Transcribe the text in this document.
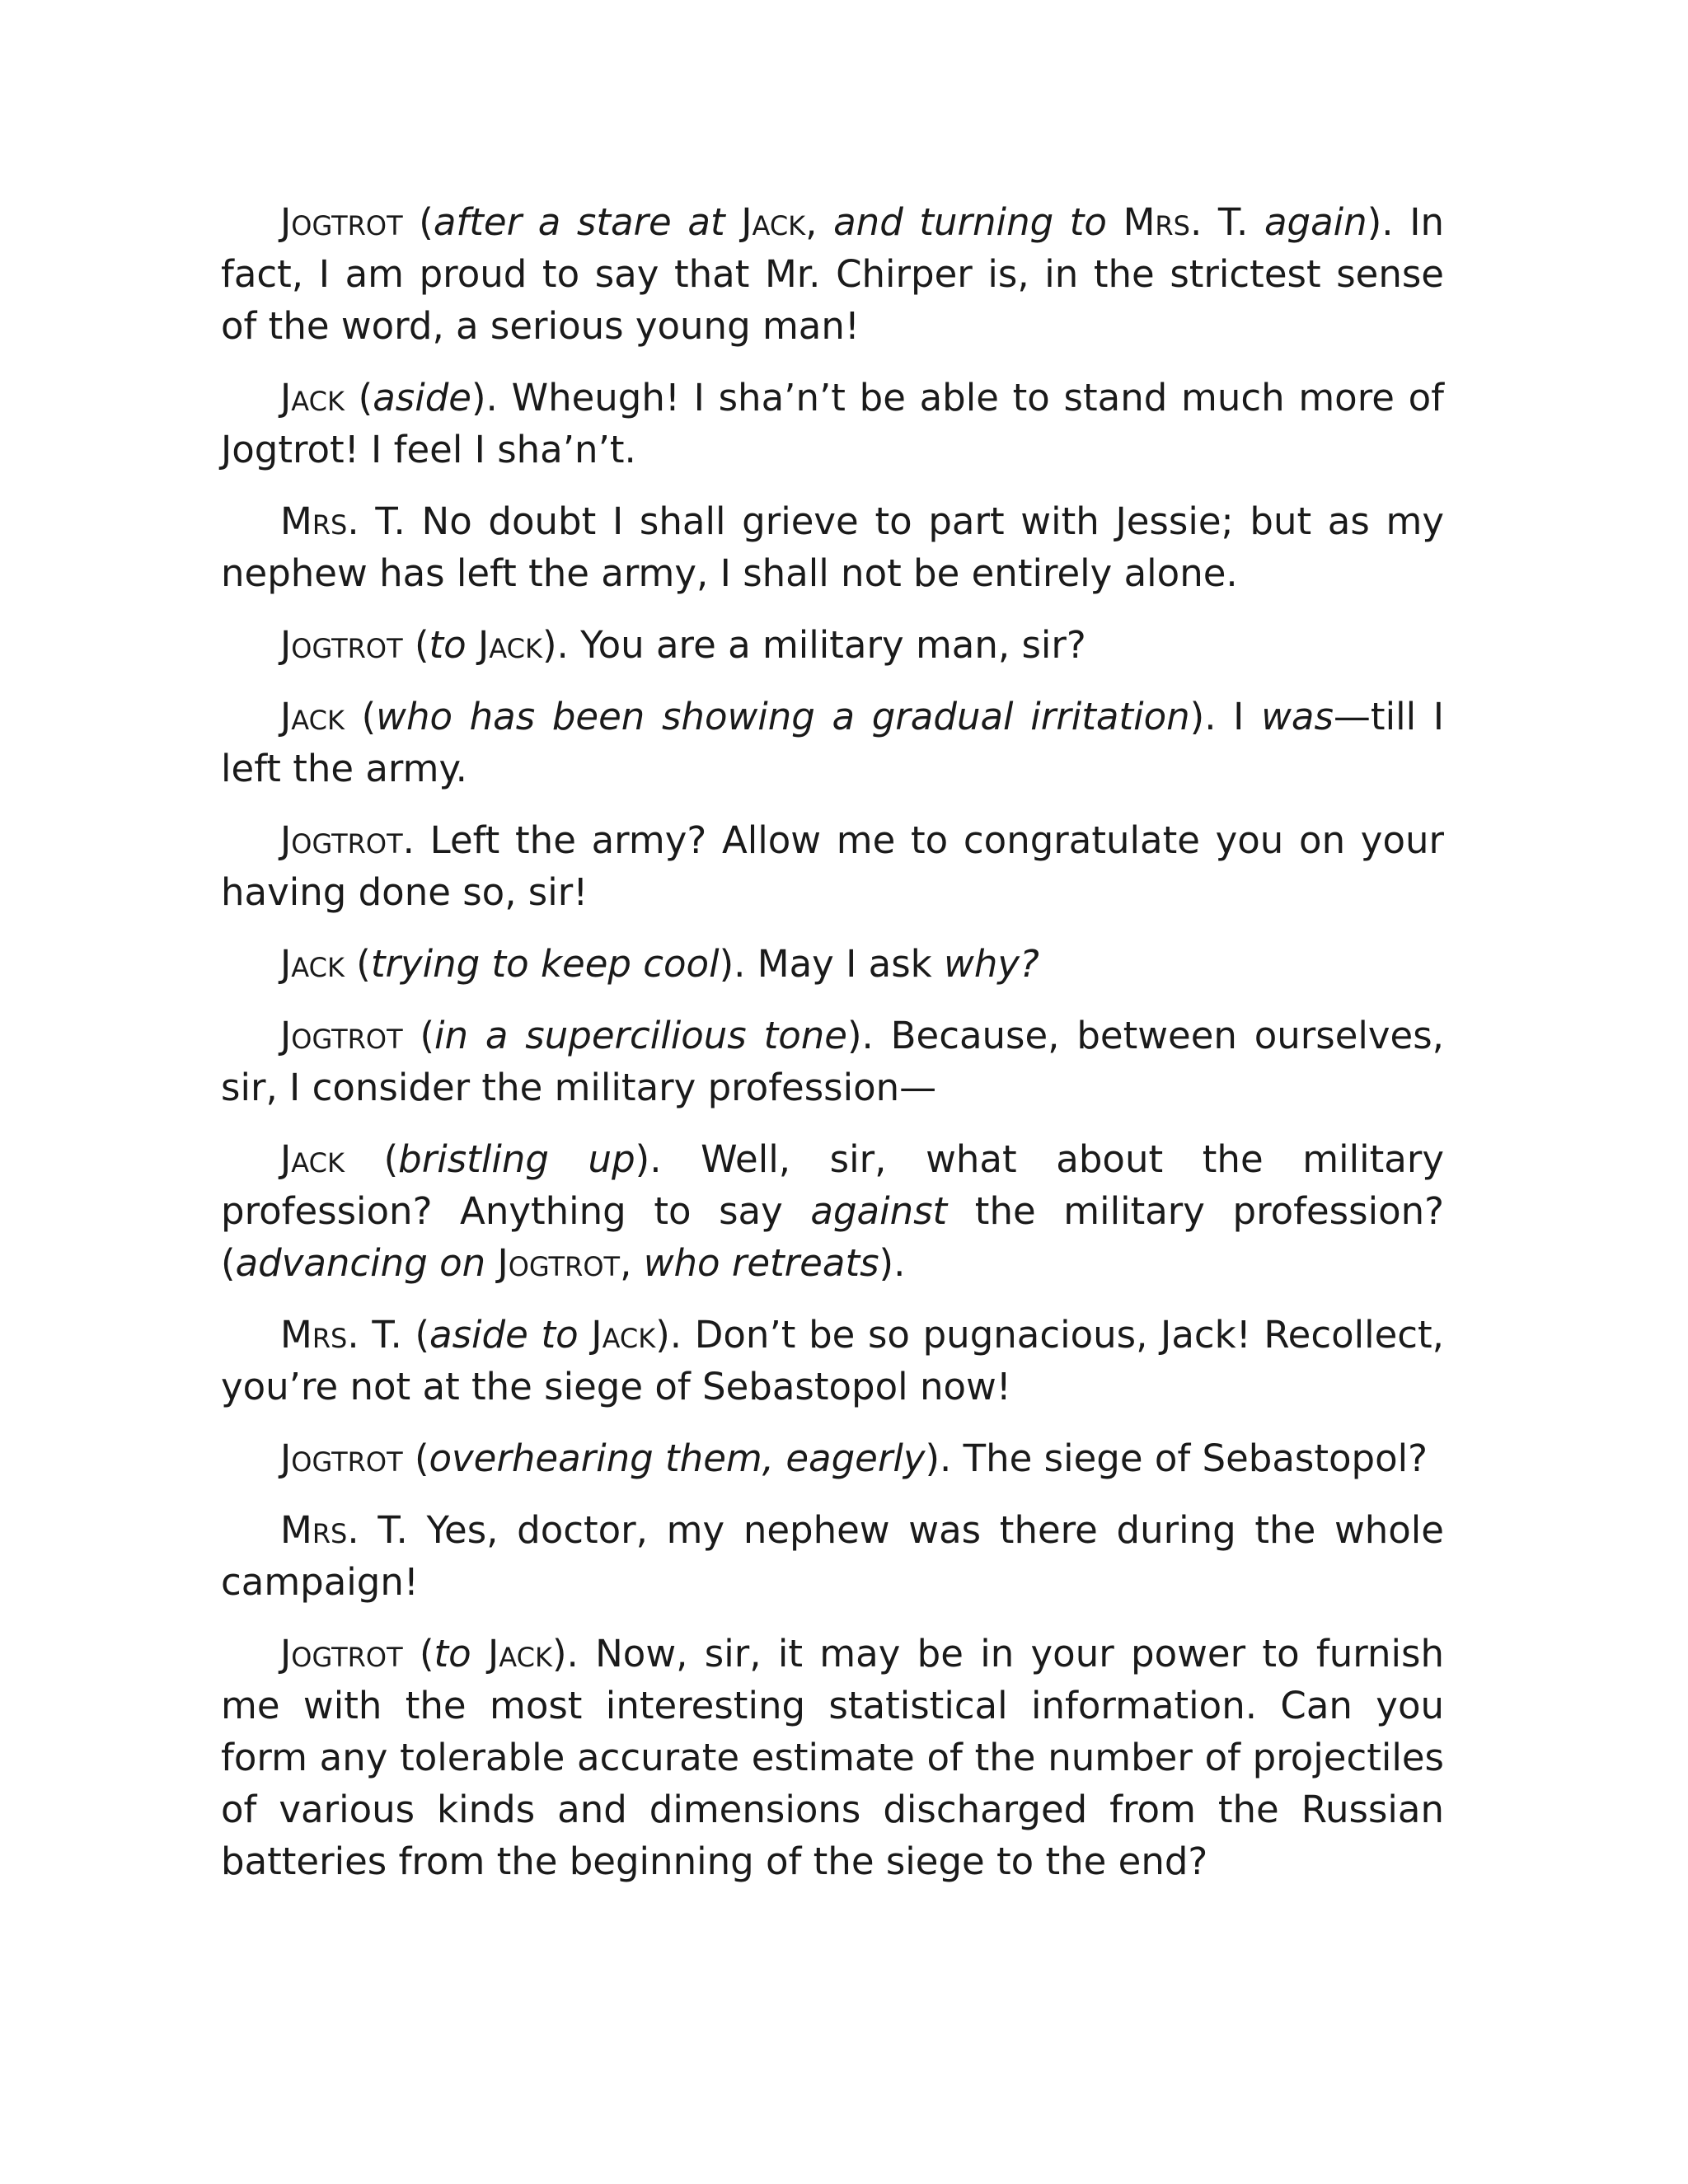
Jogtrot (after a stare at Jack, and turning to Mrs. T. again). In fact, I am proud to say that Mr. Chirper is, in the strictest sense of the word, a serious young man!

Jack (aside). Wheugh! I sha’n’t be able to stand much more of Jogtrot! I feel I sha’n’t.

Mrs. T. No doubt I shall grieve to part with Jessie; but as my nephew has left the army, I shall not be entirely alone.

Jogtrot (to Jack). You are a military man, sir?

Jack (who has been showing a gradual irritation). I was—till I left the army.

Jogtrot. Left the army? Allow me to congratulate you on your having done so, sir!

Jack (trying to keep cool). May I ask why?

Jogtrot (in a supercilious tone). Because, between ourselves, sir, I consider the military profession—

Jack (bristling up). Well, sir, what about the military profession? Anything to say against the military profession? (advancing on Jogtrot, who retreats).

Mrs. T. (aside to Jack). Don’t be so pugnacious, Jack! Recollect, you’re not at the siege of Sebastopol now!

Jogtrot (overhearing them, eagerly). The siege of Sebastopol?

Mrs. T. Yes, doctor, my nephew was there during the whole campaign!

Jogtrot (to Jack). Now, sir, it may be in your power to furnish me with the most interesting statistical information. Can you form any tolerable accurate estimate of the number of projectiles of various kinds and dimensions discharged from the Russian batteries from the beginning of the siege to the end?
